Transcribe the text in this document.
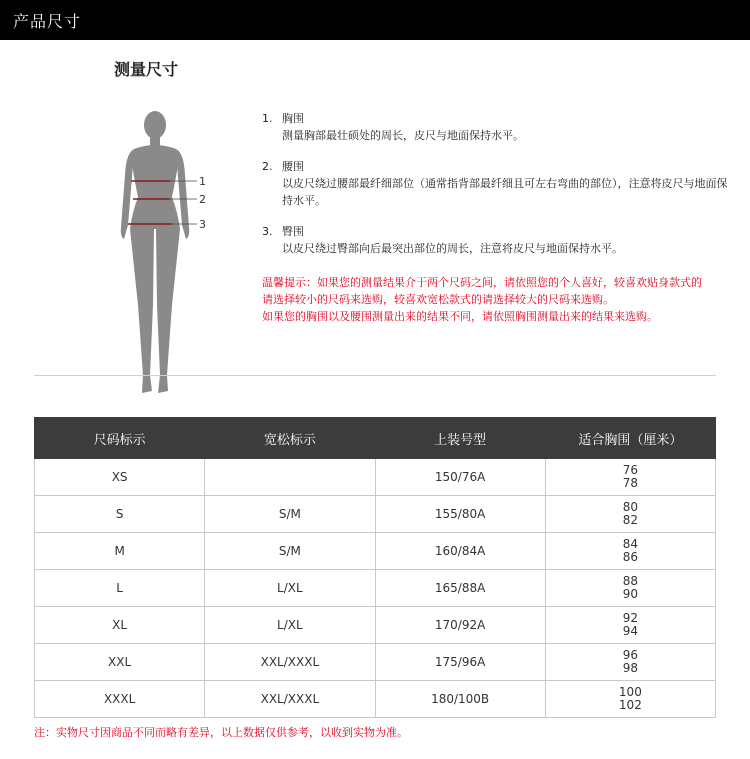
产品尺寸
测量尺寸
1
2
3
1. 胸围
测量胸部最壮硕处的周长，皮尺与地面保持水平。
2. 腰围
以皮尺绕过腰部最纤细部位（通常指背部最纤细且可左右弯曲的部位），注意将皮尺与地面保持水平。
3. 臀围
以皮尺绕过臀部向后最突出部位的周长，注意将皮尺与地面保持水平。
温馨提示：如果您的测量结果介于两个尺码之间，请依照您的个人喜好，较喜欢贴身款式的
请选择较小的尺码来选购，较喜欢宽松款式的请选择较大的尺码来选购。
如果您的胸围以及腰围测量出来的结果不同，请依照胸围测量出来的结果来选购。
尺码标示	宽松标示	上装号型	适合胸围（厘米）
XS		150/76A	76
78

S	S/M	155/80A	80
82

M	S/M	160/84A	84
86

L	L/XL	165/88A	88
90

XL	L/XL	170/92A	92
94

XXL	XXL/XXXL	175/96A	96
98

XXXL	XXL/XXXL	180/100B	100
102
注：实物尺寸因商品不同而略有差异，以上数据仅供参考，以收到实物为准。
